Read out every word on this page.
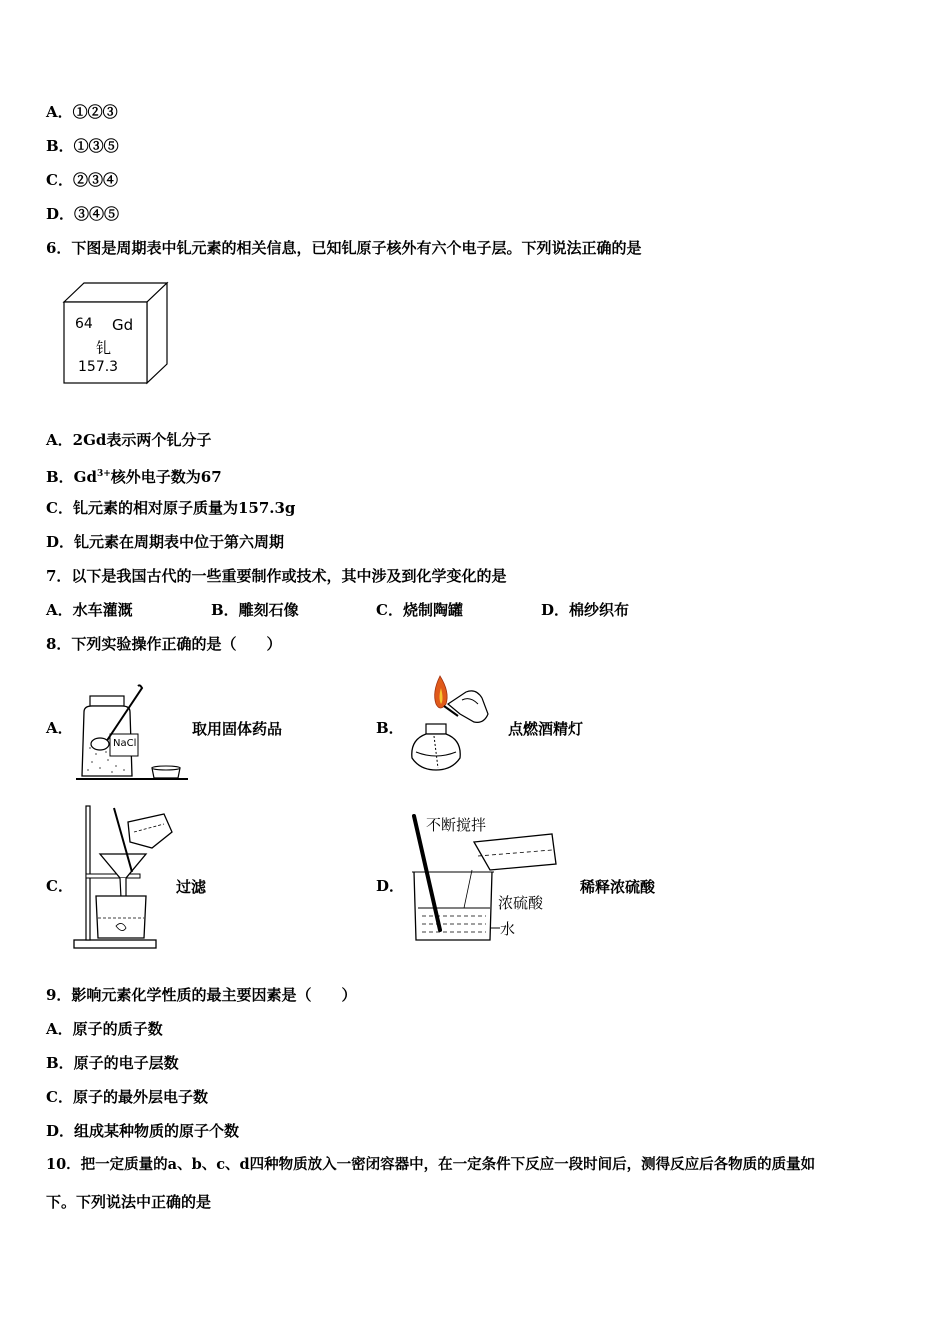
A．①②③
B．①③⑤
C．②③④
D．③④⑤
6．下图是周期表中钆元素的相关信息，已知钆原子核外有六个电子层。下列说法正确的是
64 Gd
钆
157.3
A．2Gd表示两个钆分子
B．$Gd^{3+}$核外电子数为67
C．钆元素的相对原子质量为157.3g
D．钆元素在周期表中位于第六周期
7．以下是我国古代的一些重要制作或技术，其中涉及到化学变化的是
A．水车灌溉	B．雕刻石像	C．烧制陶罐	D．棉纱织布
8．下列实验操作正确的是（　　）
A．
NaCl
取用固体药品	B．	点燃酒精灯
C．	过滤	D．
不断搅拌
浓硫酸
水
稀释浓硫酸
9．影响元素化学性质的最主要因素是（　　）
A．原子的质子数
B．原子的电子层数
C．原子的最外层电子数
D．组成某种物质的原子个数
10．把一定质量的a、b、c、d四种物质放入一密闭容器中，在一定条件下反应一段时间后，测得反应后各物质的质量如
下。下列说法中正确的是
